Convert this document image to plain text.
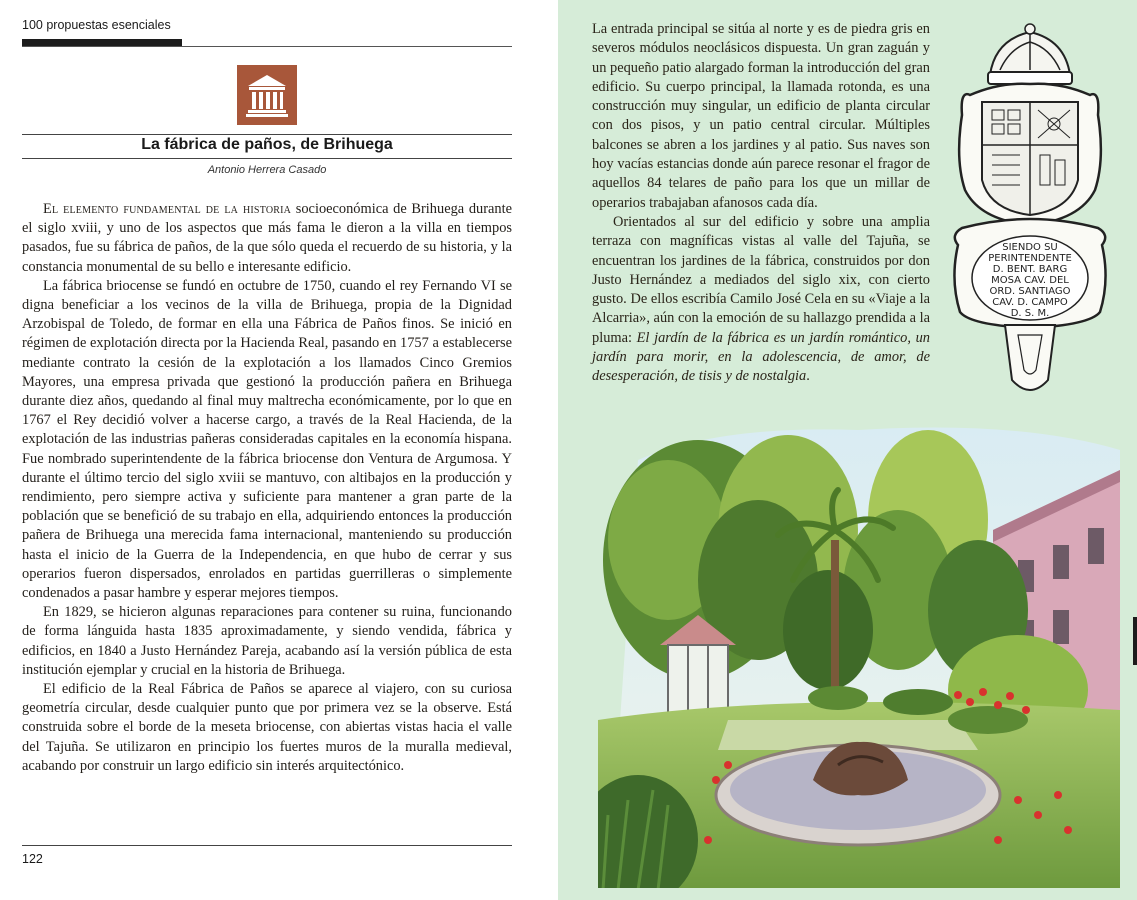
100 propuestas esenciales
La fábrica de paños, de Brihuega
Antonio Herrera Casado

El elemento fundamental de la historia socioeconómica de Brihuega durante el siglo xviii, y uno de los aspectos que más fama le dieron a la villa en tiempos pasados, fue su fábrica de paños, de la que sólo queda el recuerdo de su historia, y la constancia monumental de su bello e interesante edificio.

La fábrica briocense se fundó en octubre de 1750, cuando el rey Fernando VI se digna beneficiar a los vecinos de la villa de Brihuega, propia de la Dignidad Arzobispal de Toledo, de formar en ella una Fábrica de Paños finos. Se inició en régimen de explotación directa por la Hacienda Real, pasando en 1757 a establecerse mediante contrato la cesión de la explotación a los llamados Cinco Gremios Mayores, una empresa privada que gestionó la producción pañera en Brihuega durante diez años, quedando al final muy maltrecha económicamente, por lo que en 1767 el Rey decidió volver a hacerse cargo, a través de la Real Hacienda, de la explotación de las industrias pañeras consideradas capitales en la economía hispana. Fue nombrado superintendente de la fábrica briocense don Ventura de Argumosa. Y durante el último tercio del siglo xviii se mantuvo, con altibajos en la producción y rendimiento, pero siempre activa y suficiente para mantener a gran parte de la población que se benefició de su trabajo en ella, adquiriendo entonces la producción pañera de Brihuega una merecida fama internacional, manteniendo su producción hasta el inicio de la Guerra de la Independencia, en que hubo de cerrar y sus operarios fueron dispersados, enrolados en partidas guerrilleras o simplemente condenados a pasar hambre y esperar mejores tiempos.

En 1829, se hicieron algunas reparaciones para contener su ruina, funcionando de forma lánguida hasta 1835 aproximadamente, y siendo vendida, fábrica y edificios, en 1840 a Justo Hernández Pareja, acabando así la versión pública de esta institución ejemplar y crucial en la historia de Brihuega.

El edificio de la Real Fábrica de Paños se aparece al viajero, con su curiosa geometría circular, desde cualquier punto que por primera vez se la observe. Está construida sobre el borde de la meseta briocense, con abiertas vistas hacia el valle del Tajuña. Se utilizaron en principio los fuertes muros de la muralla medieval, acabando por construir un largo edificio sin interés arquitectónico.

122

La entrada principal se sitúa al norte y es de piedra gris en severos módulos neoclásicos dispuesta. Un gran zaguán y un pequeño patio alargado forman la introducción del gran edificio. Su cuerpo principal, la llamada rotonda, es una construcción muy singular, un edificio de planta circular con dos pisos, y un patio central circular. Múltiples balcones se abren a los jardines y al patio. Sus naves son hoy vacías estancias donde aún parece resonar el fragor de aquellos 84 telares de paño para los que un millar de operarios trabajaban afanosos cada día.

Orientados al sur del edificio y sobre una amplia terraza con magníficas vistas al valle del Tajuña, se encuentran los jardines de la fábrica, construidos por don Justo Hernández a mediados del siglo xix, con cierto gusto. De ellos escribía Camilo José Cela en su «Viaje a la Alcarria», aún con la emoción de su hallazgo prendida a la pluma: El jardín de la fábrica es un jardín romántico, un jardín para morir, en la adolescencia, de amor, de desesperación, de tisis y de nostalgia.

SIENDO SU
PERINTENDENTE
D. BENT. BARG
MOSA CAV. DEL
ORD. SANTIAGO
CAV. D. CAMPO
D. S. M.
